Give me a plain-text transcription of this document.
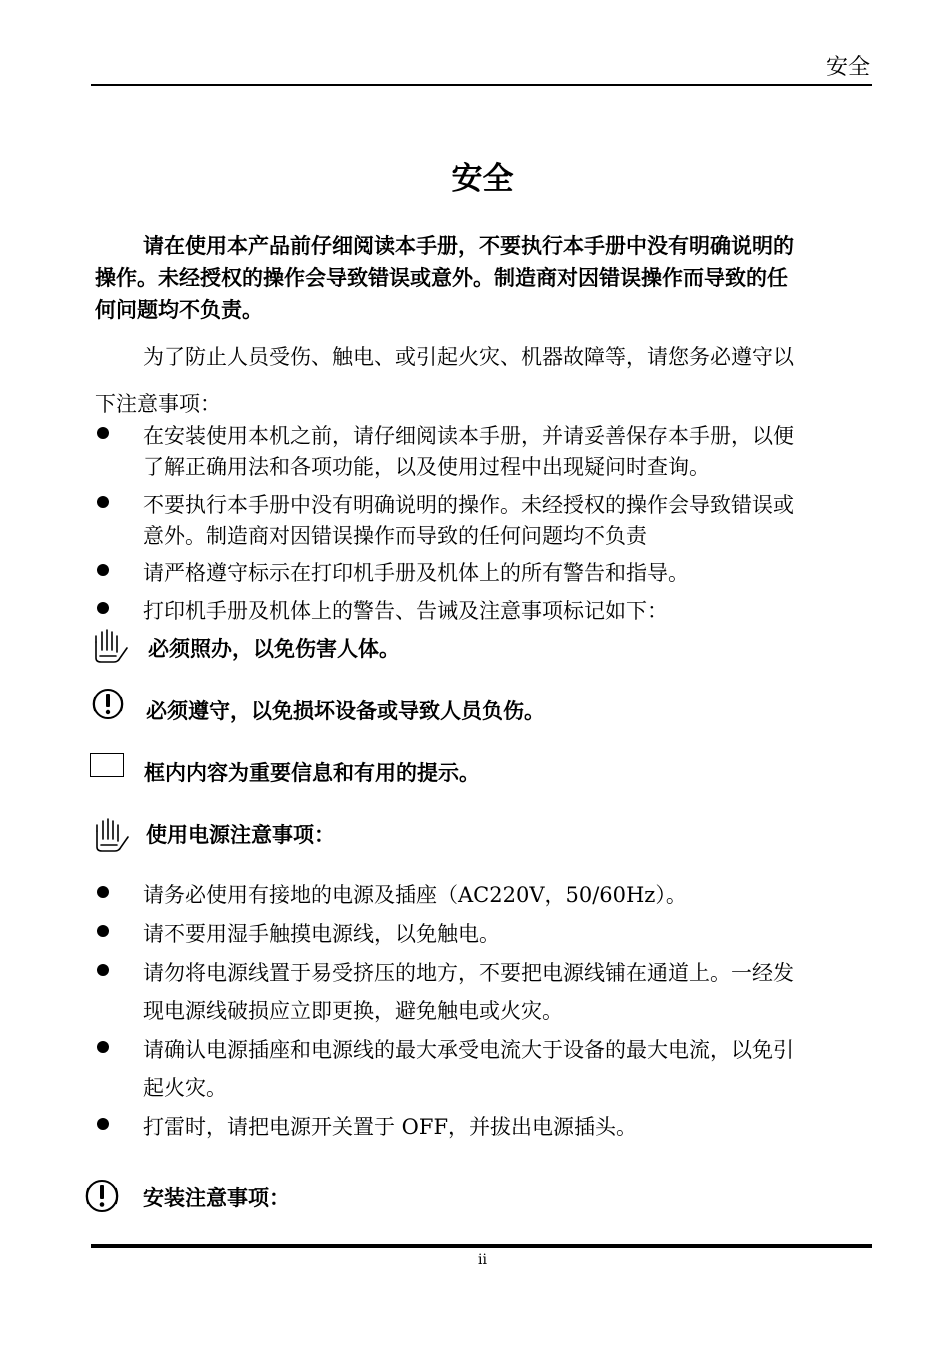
安全
安全
请在使用本产品前仔细阅读本手册，不要执行本手册中没有明确说明的
操作。未经授权的操作会导致错误或意外。制造商对因错误操作而导致的任
何问题均不负责。
为了防止人员受伤、触电、或引起火灾、机器故障等，请您务必遵守以
下注意事项：
在安装使用本机之前，请仔细阅读本手册，并请妥善保存本手册，以便
了解正确用法和各项功能，以及使用过程中出现疑问时查询。
不要执行本手册中没有明确说明的操作。未经授权的操作会导致错误或
意外。制造商对因错误操作而导致的任何问题均不负责
请严格遵守标示在打印机手册及机体上的所有警告和指导。
打印机手册及机体上的警告、告诫及注意事项标记如下：
必须照办，以免伤害人体。
必须遵守，以免损坏设备或导致人员负伤。
框内内容为重要信息和有用的提示。
使用电源注意事项：
请务必使用有接地的电源及插座（AC220V，50/60Hz）。
请不要用湿手触摸电源线，以免触电。
请勿将电源线置于易受挤压的地方，不要把电源线铺在通道上。一经发
现电源线破损应立即更换，避免触电或火灾。
请确认电源插座和电源线的最大承受电流大于设备的最大电流，以免引
起火灾。
打雷时，请把电源开关置于 OFF，并拔出电源插头。
安装注意事项：
ii
